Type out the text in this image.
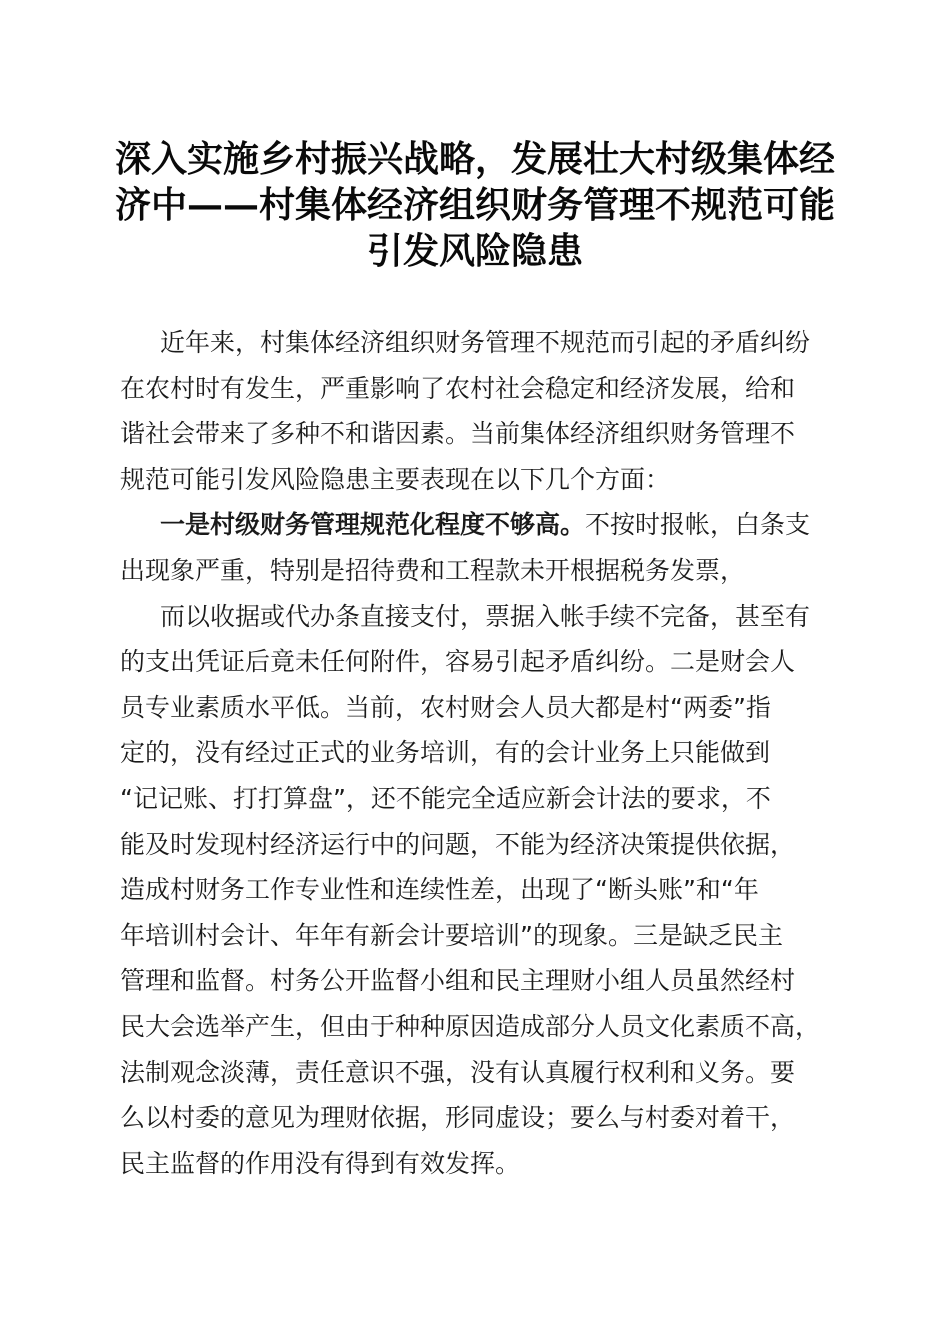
深入实施乡村振兴战略，发展壮大村级集体经
济中——村集体经济组织财务管理不规范可能
引发风险隐患
近年来，村集体经济组织财务管理不规范而引起的矛盾纠纷
在农村时有发生，严重影响了农村社会稳定和经济发展，给和
谐社会带来了多种不和谐因素。当前集体经济组织财务管理不
规范可能引发风险隐患主要表现在以下几个方面：
一是村级财务管理规范化程度不够高。不按时报帐，白条支
出现象严重，特别是招待费和工程款未开根据税务发票，
而以收据或代办条直接支付，票据入帐手续不完备，甚至有
的支出凭证后竟未任何附件，容易引起矛盾纠纷。二是财会人
员专业素质水平低。当前，农村财会人员大都是村“两委”指
定的，没有经过正式的业务培训，有的会计业务上只能做到
“记记账、打打算盘”，还不能完全适应新会计法的要求，不
能及时发现村经济运行中的问题，不能为经济决策提供依据，
造成村财务工作专业性和连续性差，出现了“断头账”和“年
年培训村会计、年年有新会计要培训”的现象。三是缺乏民主
管理和监督。村务公开监督小组和民主理财小组人员虽然经村
民大会选举产生，但由于种种原因造成部分人员文化素质不高，
法制观念淡薄，责任意识不强，没有认真履行权利和义务。要
么以村委的意见为理财依据，形同虚设；要么与村委对着干，
民主监督的作用没有得到有效发挥。
